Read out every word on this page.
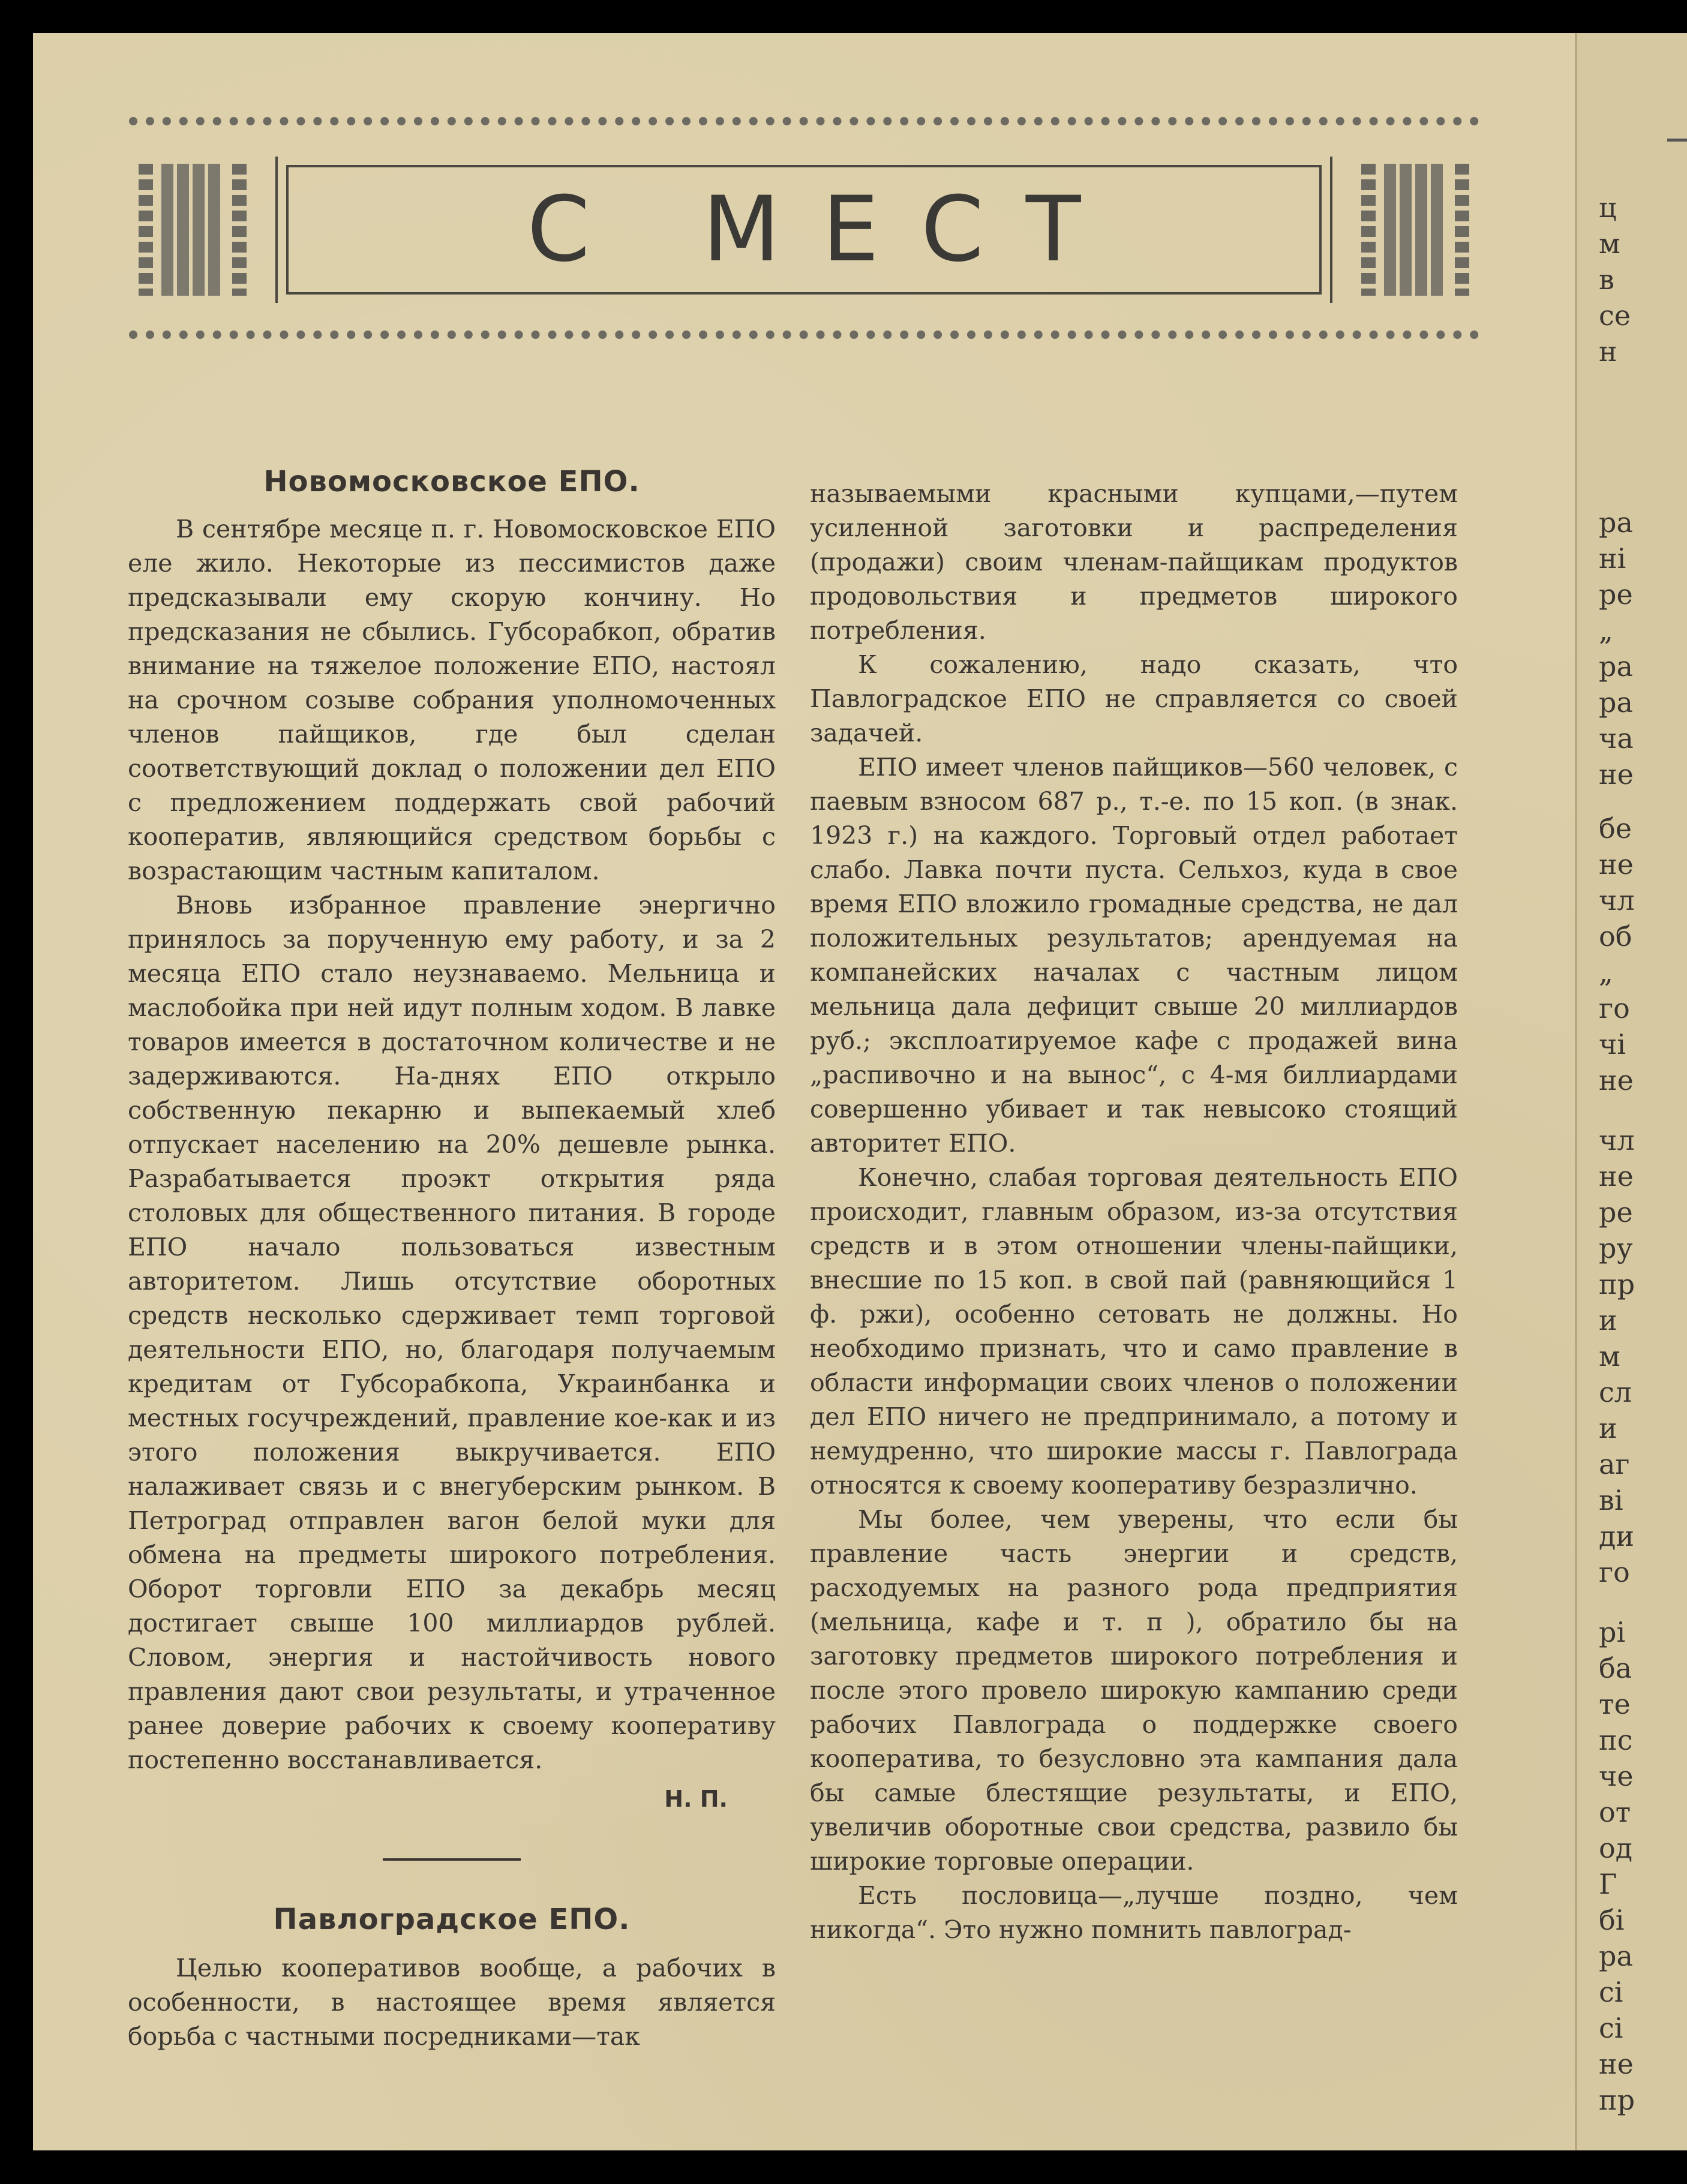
С МЕСТ
Новомосковское ЕПО.

В сентябре месяце п. г. Новомосковское ЕПО еле жило. Некоторые из пессимистов даже предсказывали ему скорую кончину. Но предсказания не сбылись. Губсорабкоп, обратив внимание на тяжелое положение ЕПО, настоял на срочном созыве собрания уполномоченных членов пайщиков, где был сделан соответствующий доклад о положении дел ЕПО с предложением поддержать свой рабочий кооператив, являющийся средством борьбы с возрастающим частным капиталом.

Вновь избранное правление энергично принялось за порученную ему работу, и за 2 месяца ЕПО стало неузнаваемо. Мельница и маслобойка при ней идут полным ходом. В лавке товаров имеется в достаточном количестве и не задерживаются. На-днях ЕПО открыло собственную пекарню и выпекаемый хлеб отпускает населению на 20% дешевле рынка. Разрабатывается проэкт открытия ряда столовых для общественного питания. В городе ЕПО начало пользоваться известным авторитетом. Лишь отсутствие оборотных средств несколько сдерживает темп торговой деятельности ЕПО, но, благодаря получаемым кредитам от Губсорабкопа, Украинбанка и местных госучреждений, правление кое-как и из этого положения выкручивается. ЕПО налаживает связь и с внегуберским рынком. В Петроград отправлен вагон белой муки для обмена на предметы широкого потребления. Оборот торговли ЕПО за декабрь месяц достигает свыше 100 миллиардов рублей. Словом, энергия и настойчивость нового правления дают свои результаты, и утраченное ранее доверие рабочих к своему кооперативу постепенно восстанавливается.

Н. П.
Павлоградское ЕПО.

Целью кооперативов вообще, а рабочих в особенности, в настоящее время является борьба с частными посредниками—так

называемыми красными купцами,—путем усиленной заготовки и распределения (продажи) своим членам-пайщикам продуктов продовольствия и предметов широкого потребления.

К сожалению, надо сказать, что Павлоградское ЕПО не справляется со своей задачей.

ЕПО имеет членов пайщиков—560 человек, с паевым взносом 687 р., т.-е. по 15 коп. (в знак. 1923 г.) на каждого. Торговый отдел работает слабо. Лавка почти пуста. Сельхоз, куда в свое время ЕПО вложило громадные средства, не дал положительных результатов; арендуемая на компанейских началах с частным лицом мельница дала дефицит свыше 20 миллиардов руб.; эксплоатируемое кафе с продажей вина „распивочно и на вынос“, с 4-мя биллиардами совершенно убивает и так невысоко стоящий авторитет ЕПО.

Конечно, слабая торговая деятельность ЕПО происходит, главным образом, из-за отсутствия средств и в этом отношении члены-пайщики, внесшие по 15 коп. в свой пай (равняющийся 1 ф. ржи), особенно сетовать не должны. Но необходимо признать, что и само правление в области информации своих членов о положении дел ЕПО ничего не предпринимало, а потому и немудренно, что широкие массы г. Павлограда относятся к своему кооперативу безразлично.

Мы более, чем уверены, что если бы правление часть энергии и средств, расходуемых на разного рода предприятия (мельница, кафе и т. п ), обратило бы на заготовку предметов широкого потребления и после этого провело широкую кампанию среди рабочих Павлограда о поддержке своего кооператива, то безусловно эта кампания дала бы самые блестящие результаты, и ЕПО, увеличив оборотные свои средства, развило бы широкие торговые операции.

Есть пословица—„лучше поздно, чем никогда“. Это нужно помнить павлоград-

ц
м
в
се
н
ра
ні
ре
„
ра
ра
ча
не
бе
не
чл
об
„
го
чі
не
чл
не
ре
ру
пр
и
м
сл
и
аг
ві
ди
го
рі
ба
те
пс
че
от
од
Г
бі
ра
сі
сі
не
пр
